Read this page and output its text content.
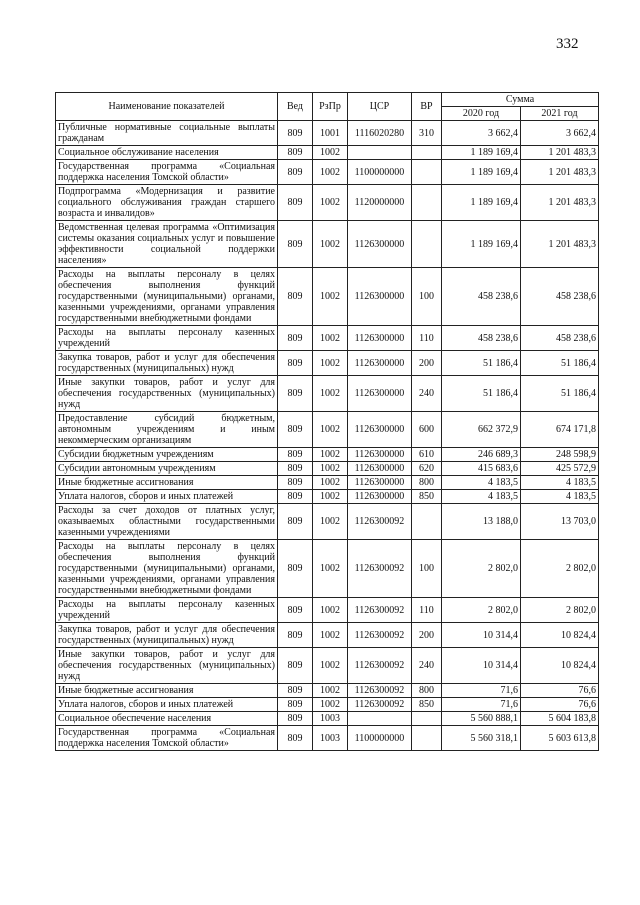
332
Наименование показателей	Вед	РзПр	ЦСР	ВР	Сумма	
					2020 год	2021 год
Публичные нормативные социальные выплаты гражданам	809	1001	1116020280	310	3 662,4	3 662,4
Социальное обслуживание населения	809	1002			1 189 169,4	1 201 483,3
Государственная программа «Социальная поддержка населения Томской области»	809	1002	1100000000		1 189 169,4	1 201 483,3
Подпрограмма «Модернизация и развитие социального обслуживания граждан старшего возраста и инвалидов»	809	1002	1120000000		1 189 169,4	1 201 483,3
Ведомственная целевая программа «Оптимизация системы оказания социальных услуг и повышение эффективности социальной поддержки населения»	809	1002	1126300000		1 189 169,4	1 201 483,3
Расходы на выплаты персоналу в целях обеспечения выполнения функций государственными (муниципальными) органами, казенными учреждениями, органами управления государственными внебюджетными фондами	809	1002	1126300000	100	458 238,6	458 238,6
Расходы на выплаты персоналу казенных учреждений	809	1002	1126300000	110	458 238,6	458 238,6
Закупка товаров, работ и услуг для обеспечения государственных (муниципальных) нужд	809	1002	1126300000	200	51 186,4	51 186,4
Иные закупки товаров, работ и услуг для обеспечения государственных (муниципальных) нужд	809	1002	1126300000	240	51 186,4	51 186,4
Предоставление субсидий бюджетным, автономным учреждениям и иным некоммерческим организациям	809	1002	1126300000	600	662 372,9	674 171,8
Субсидии бюджетным учреждениям	809	1002	1126300000	610	246 689,3	248 598,9
Субсидии автономным учреждениям	809	1002	1126300000	620	415 683,6	425 572,9
Иные бюджетные ассигнования	809	1002	1126300000	800	4 183,5	4 183,5
Уплата налогов, сборов и иных платежей	809	1002	1126300000	850	4 183,5	4 183,5
Расходы за счет доходов от платных услуг, оказываемых областными государственными казенными учреждениями	809	1002	1126300092		13 188,0	13 703,0
Расходы на выплаты персоналу в целях обеспечения выполнения функций государственными (муниципальными) органами, казенными учреждениями, органами управления государственными внебюджетными фондами	809	1002	1126300092	100	2 802,0	2 802,0
Расходы на выплаты персоналу казенных учреждений	809	1002	1126300092	110	2 802,0	2 802,0
Закупка товаров, работ и услуг для обеспечения государственных (муниципальных) нужд	809	1002	1126300092	200	10 314,4	10 824,4
Иные закупки товаров, работ и услуг для обеспечения государственных (муниципальных) нужд	809	1002	1126300092	240	10 314,4	10 824,4
Иные бюджетные ассигнования	809	1002	1126300092	800	71,6	76,6
Уплата налогов, сборов и иных платежей	809	1002	1126300092	850	71,6	76,6
Социальное обеспечение населения	809	1003			5 560 888,1	5 604 183,8
Государственная программа «Социальная поддержка населения Томской области»	809	1003	1100000000		5 560 318,1	5 603 613,8
